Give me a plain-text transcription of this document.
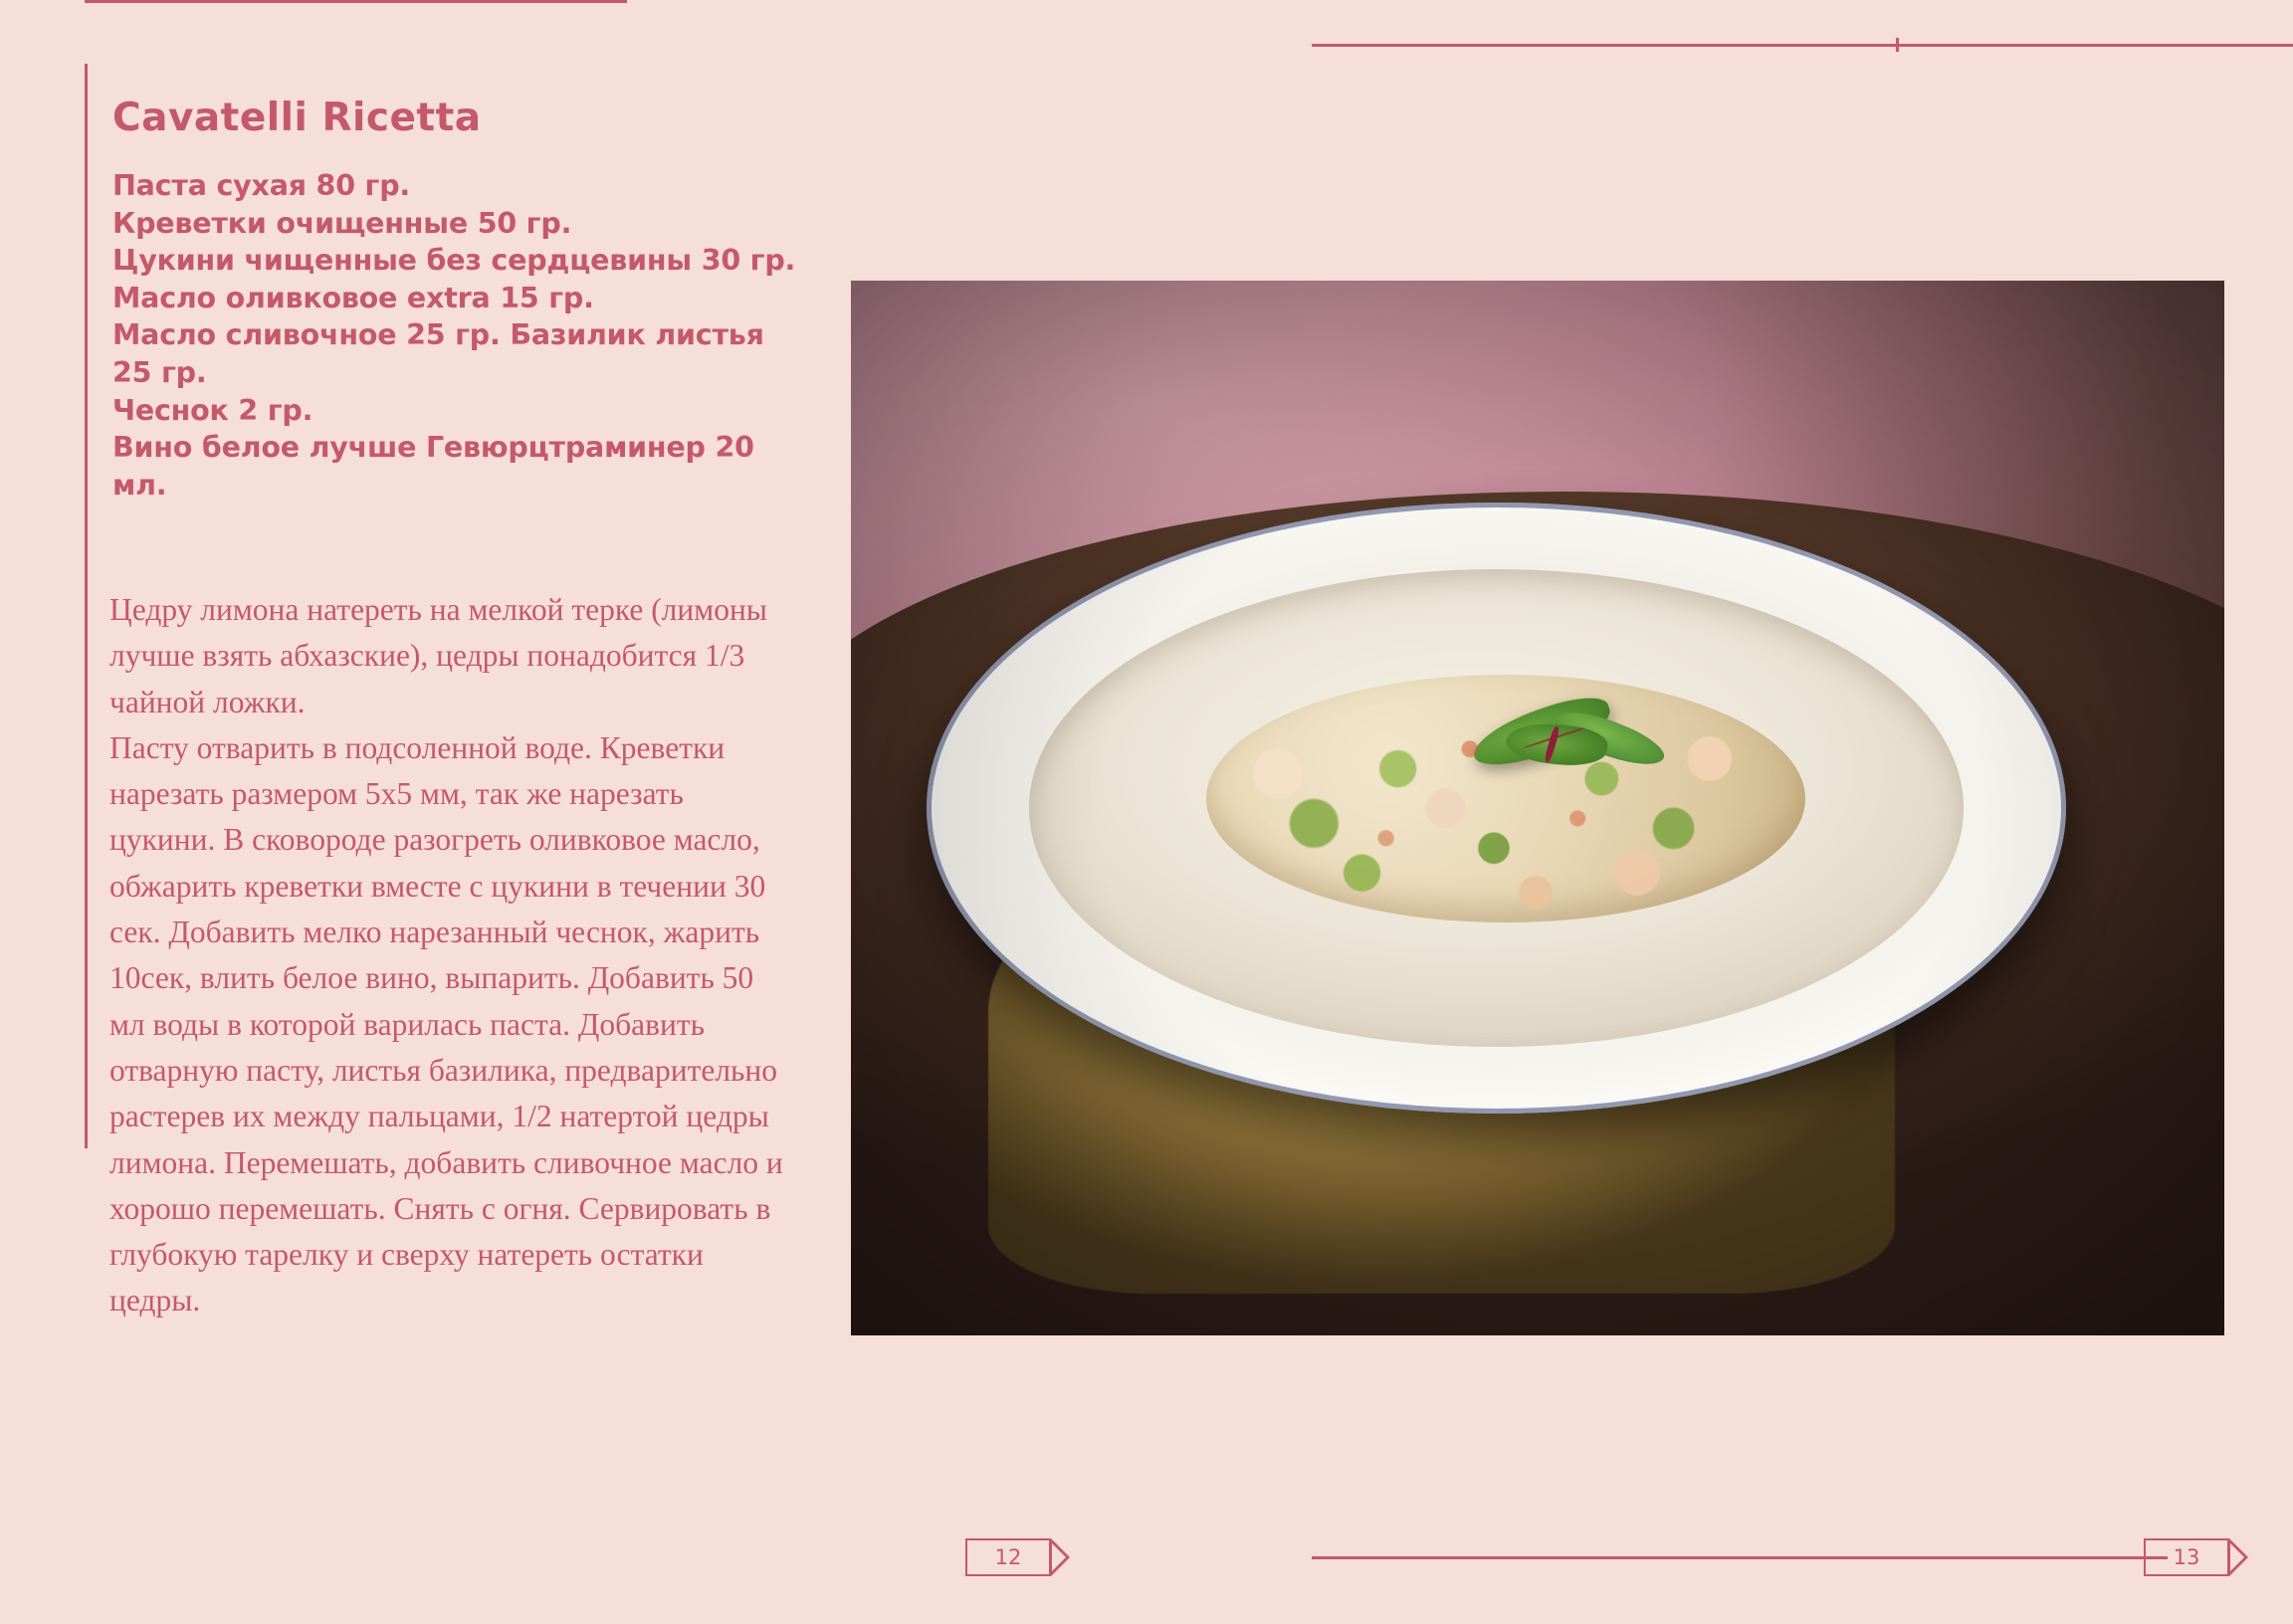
Cavatelli Ricetta
Паста сухая 80 гр.
Креветки очищенные 50 гр.
Цукини чищенные без сердцевины 30 гр.
Масло оливковое extra 15 гр.
Масло сливочное 25 гр. Базилик листья 25 гр.
Чеснок 2 гр.
Вино белое лучше Гевюрцтраминер 20 мл.

Цедру лимона натереть на мелкой терке (лимоны лучше взять абхазские), цедры понадобится 1/3 чайной ложки.

Пасту отварить в подсоленной воде. Креветки нарезать размером 5х5 мм, так же нарезать цукини. В сковороде разогреть оливковое масло, обжарить креветки вместе с цукини в течении 30 сек. Добавить мелко нарезанный чеснок, жарить 10сек, влить белое вино, выпарить. Добавить 50 мл воды в которой варилась паста. Добавить отварную пасту, листья базилика, предварительно растерев их между пальцами, 1/2 натертой цедры лимона. Перемешать, добавить сливочное масло и хорошо перемешать. Снять с огня. Сервировать в глубокую тарелку и сверху натереть остатки цедры.

12	13
